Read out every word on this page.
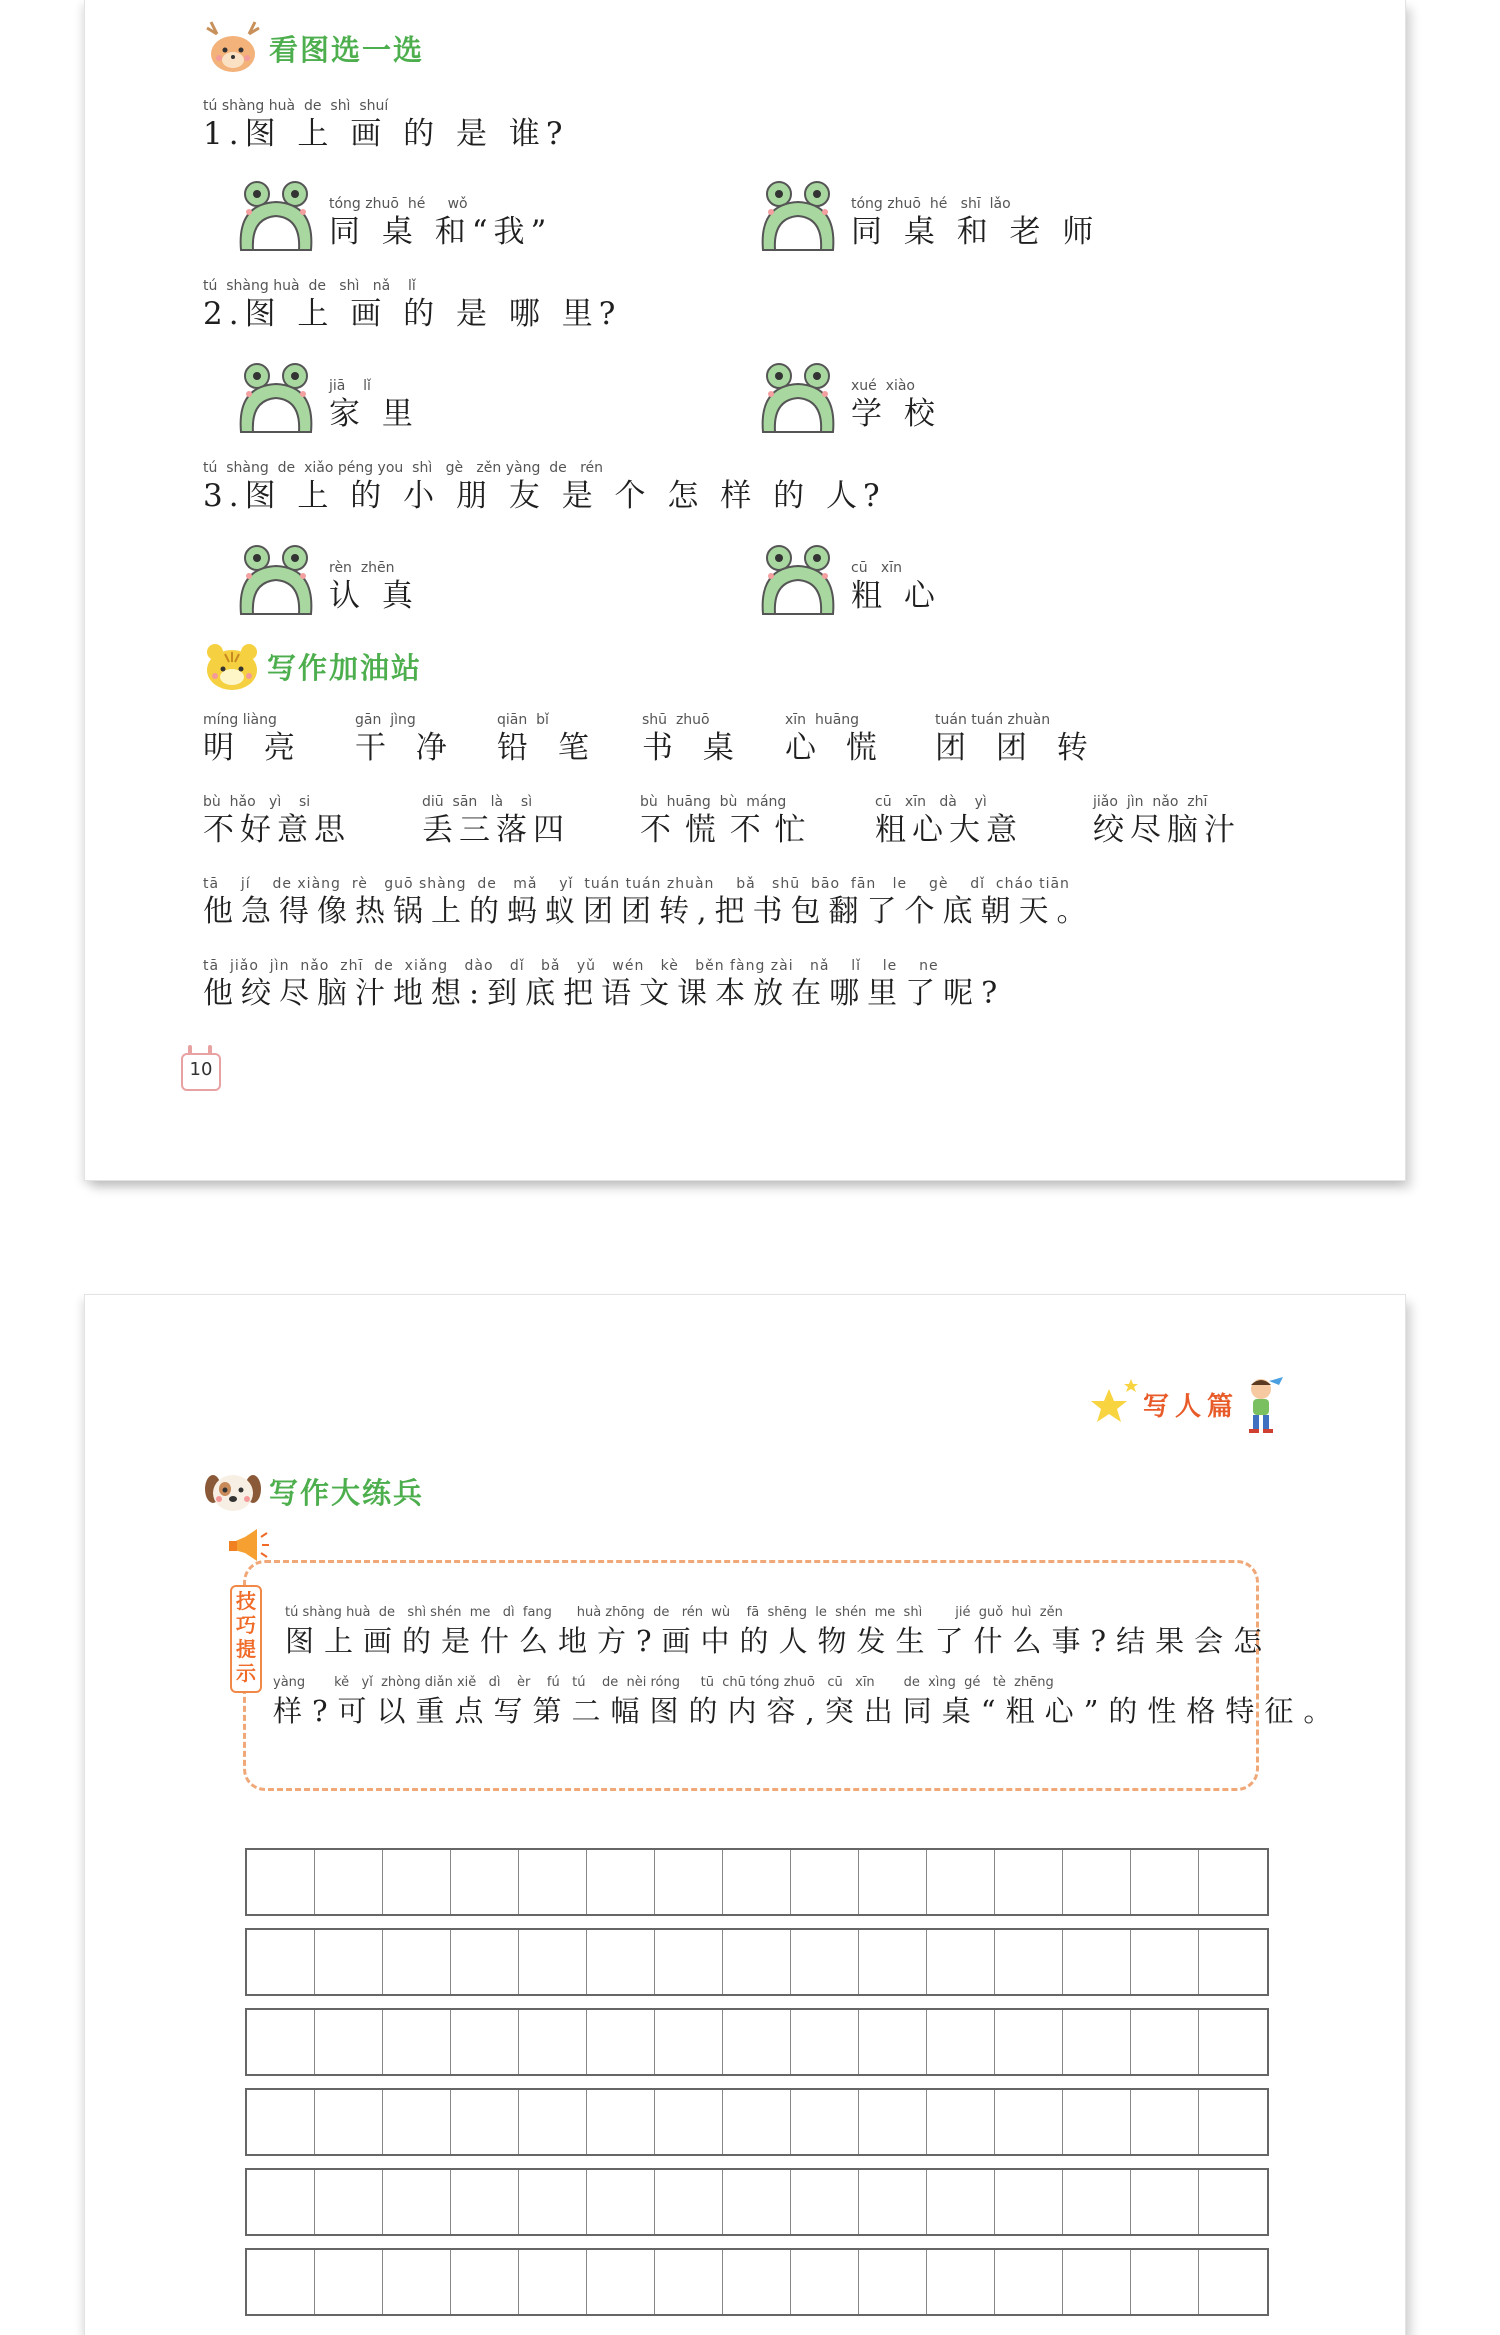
看图选一选
tú shàng huà  de  shì  shuí
1.图 上 画 的 是 谁?
tóng zhuō  hé     wǒ
同 桌 和“我”
tóng zhuō  hé   shī  lǎo
同 桌 和 老 师
tú  shàng huà  de   shì   nǎ    lǐ
2.图 上 画 的 是 哪 里?
jiā    lǐ
家 里
xué  xiào
学 校
tú  shàng  de  xiǎo péng you  shì   gè   zěn yàng  de   rén
3.图 上 的 小 朋 友 是 个 怎 样 的 人?
rèn  zhēn
认 真
cū   xīn
粗 心
写作加油站
míng liàng
明 亮
gān  jìng
干 净
qiān  bǐ
铅 笔
shū  zhuō
书 桌
xīn  huāng
心 慌
tuán tuán zhuàn
团 团 转
bù  hǎo   yì    si
不好意思
diū  sān   là    sì
丢三落四
bù  huāng  bù  máng
不 慌 不 忙
cū   xīn   dà    yì
粗心大意
jiǎo  jìn  nǎo  zhī
绞尽脑汁
tā    jí    de xiàng  rè   guō shàng  de   mǎ    yǐ  tuán tuán zhuàn    bǎ   shū  bāo  fān   le    gè    dǐ  cháo tiān
他急得像热锅上的蚂蚁团团转,把书包翻了个底朝天。
tā  jiǎo  jìn  nǎo  zhī  de  xiǎng   dào   dǐ   bǎ   yǔ   wén   kè   běn fàng zài   nǎ    lǐ    le    ne
他绞尽脑汁地想:到底把语文课本放在哪里了呢?
10
写人篇
写作大练兵
技巧提示
tú shàng huà  de   shì shén  me   dì  fang      huà zhōng  de   rén  wù    fā  shēng  le  shén  me  shì        jié  guǒ  huì  zěn
图上画的是什么地方?画中的人物发生了什么事?结果会怎
yàng       kě   yǐ  zhòng diǎn xiě   dì    èr    fú   tú    de  nèi róng     tū  chū tóng zhuō   cū   xīn       de  xìng  gé   tè  zhēng
样?可以重点写第二幅图的内容,突出同桌“粗心”的性格特征。
